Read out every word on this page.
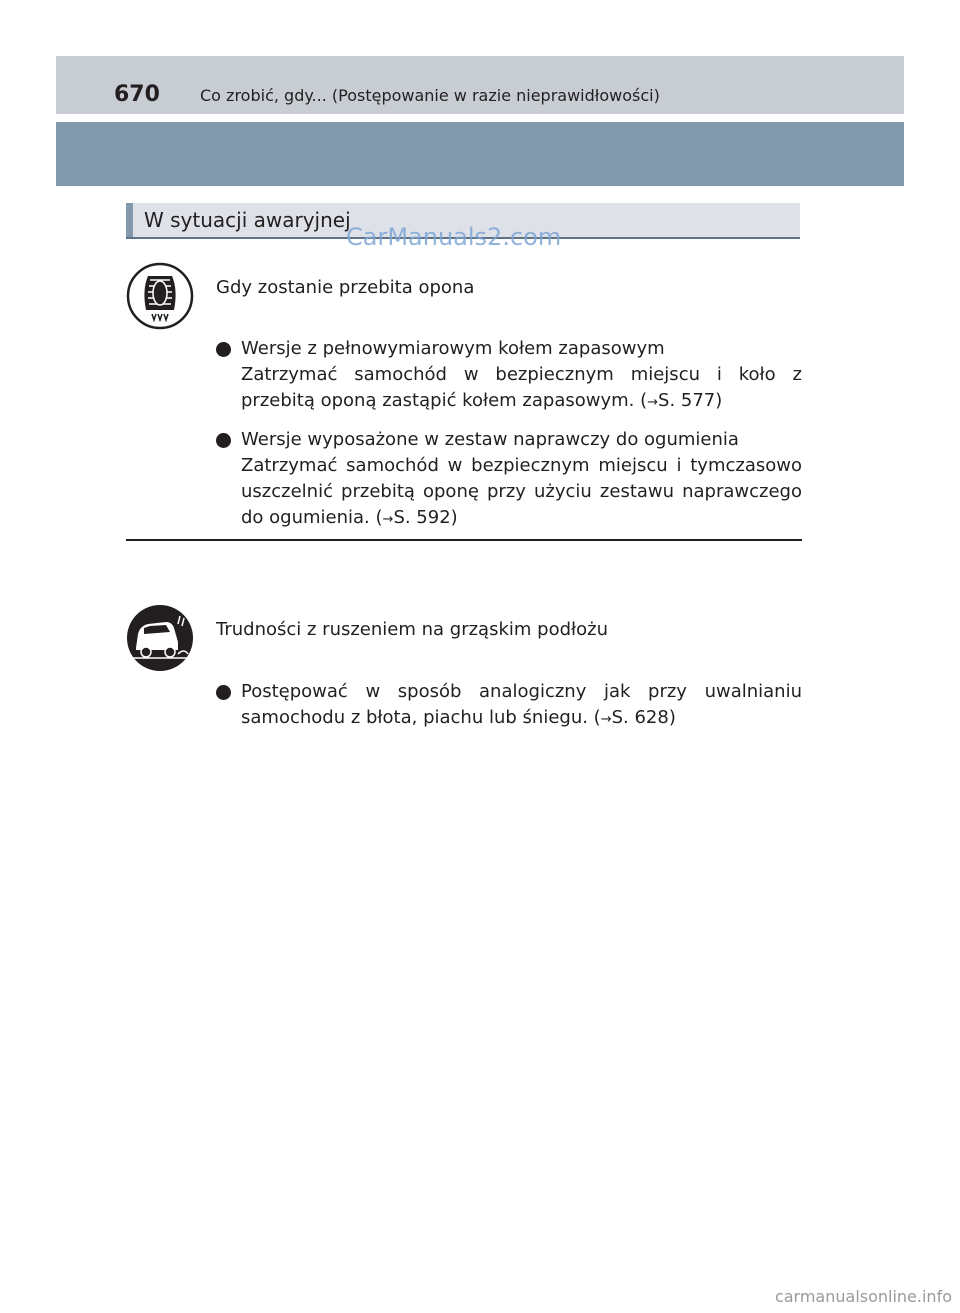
670	Co zrobić, gdy... (Postępowanie w razie nieprawidłowości)
W sytuacji awaryjnej
CarManuals2.com
Gdy zostanie przebita opona
Wersje z pełnowymiarowym kołem zapasowym
Zatrzymać samochód w bezpiecznym miejscu i koło z przebitą oponą zastąpić kołem zapasowym. (→S. 577)
Wersje wyposażone w zestaw naprawczy do ogumienia
Zatrzymać samochód w bezpiecznym miejscu i tymczasowo uszczelnić przebitą oponę przy użyciu zestawu naprawczego do ogumienia. (→S. 592)
Trudności z ruszeniem na grząskim podłożu
Postępować w sposób analogiczny jak przy uwalnianiu samochodu z błota, piachu lub śniegu. (→S. 628)
carmanualsonline.info
